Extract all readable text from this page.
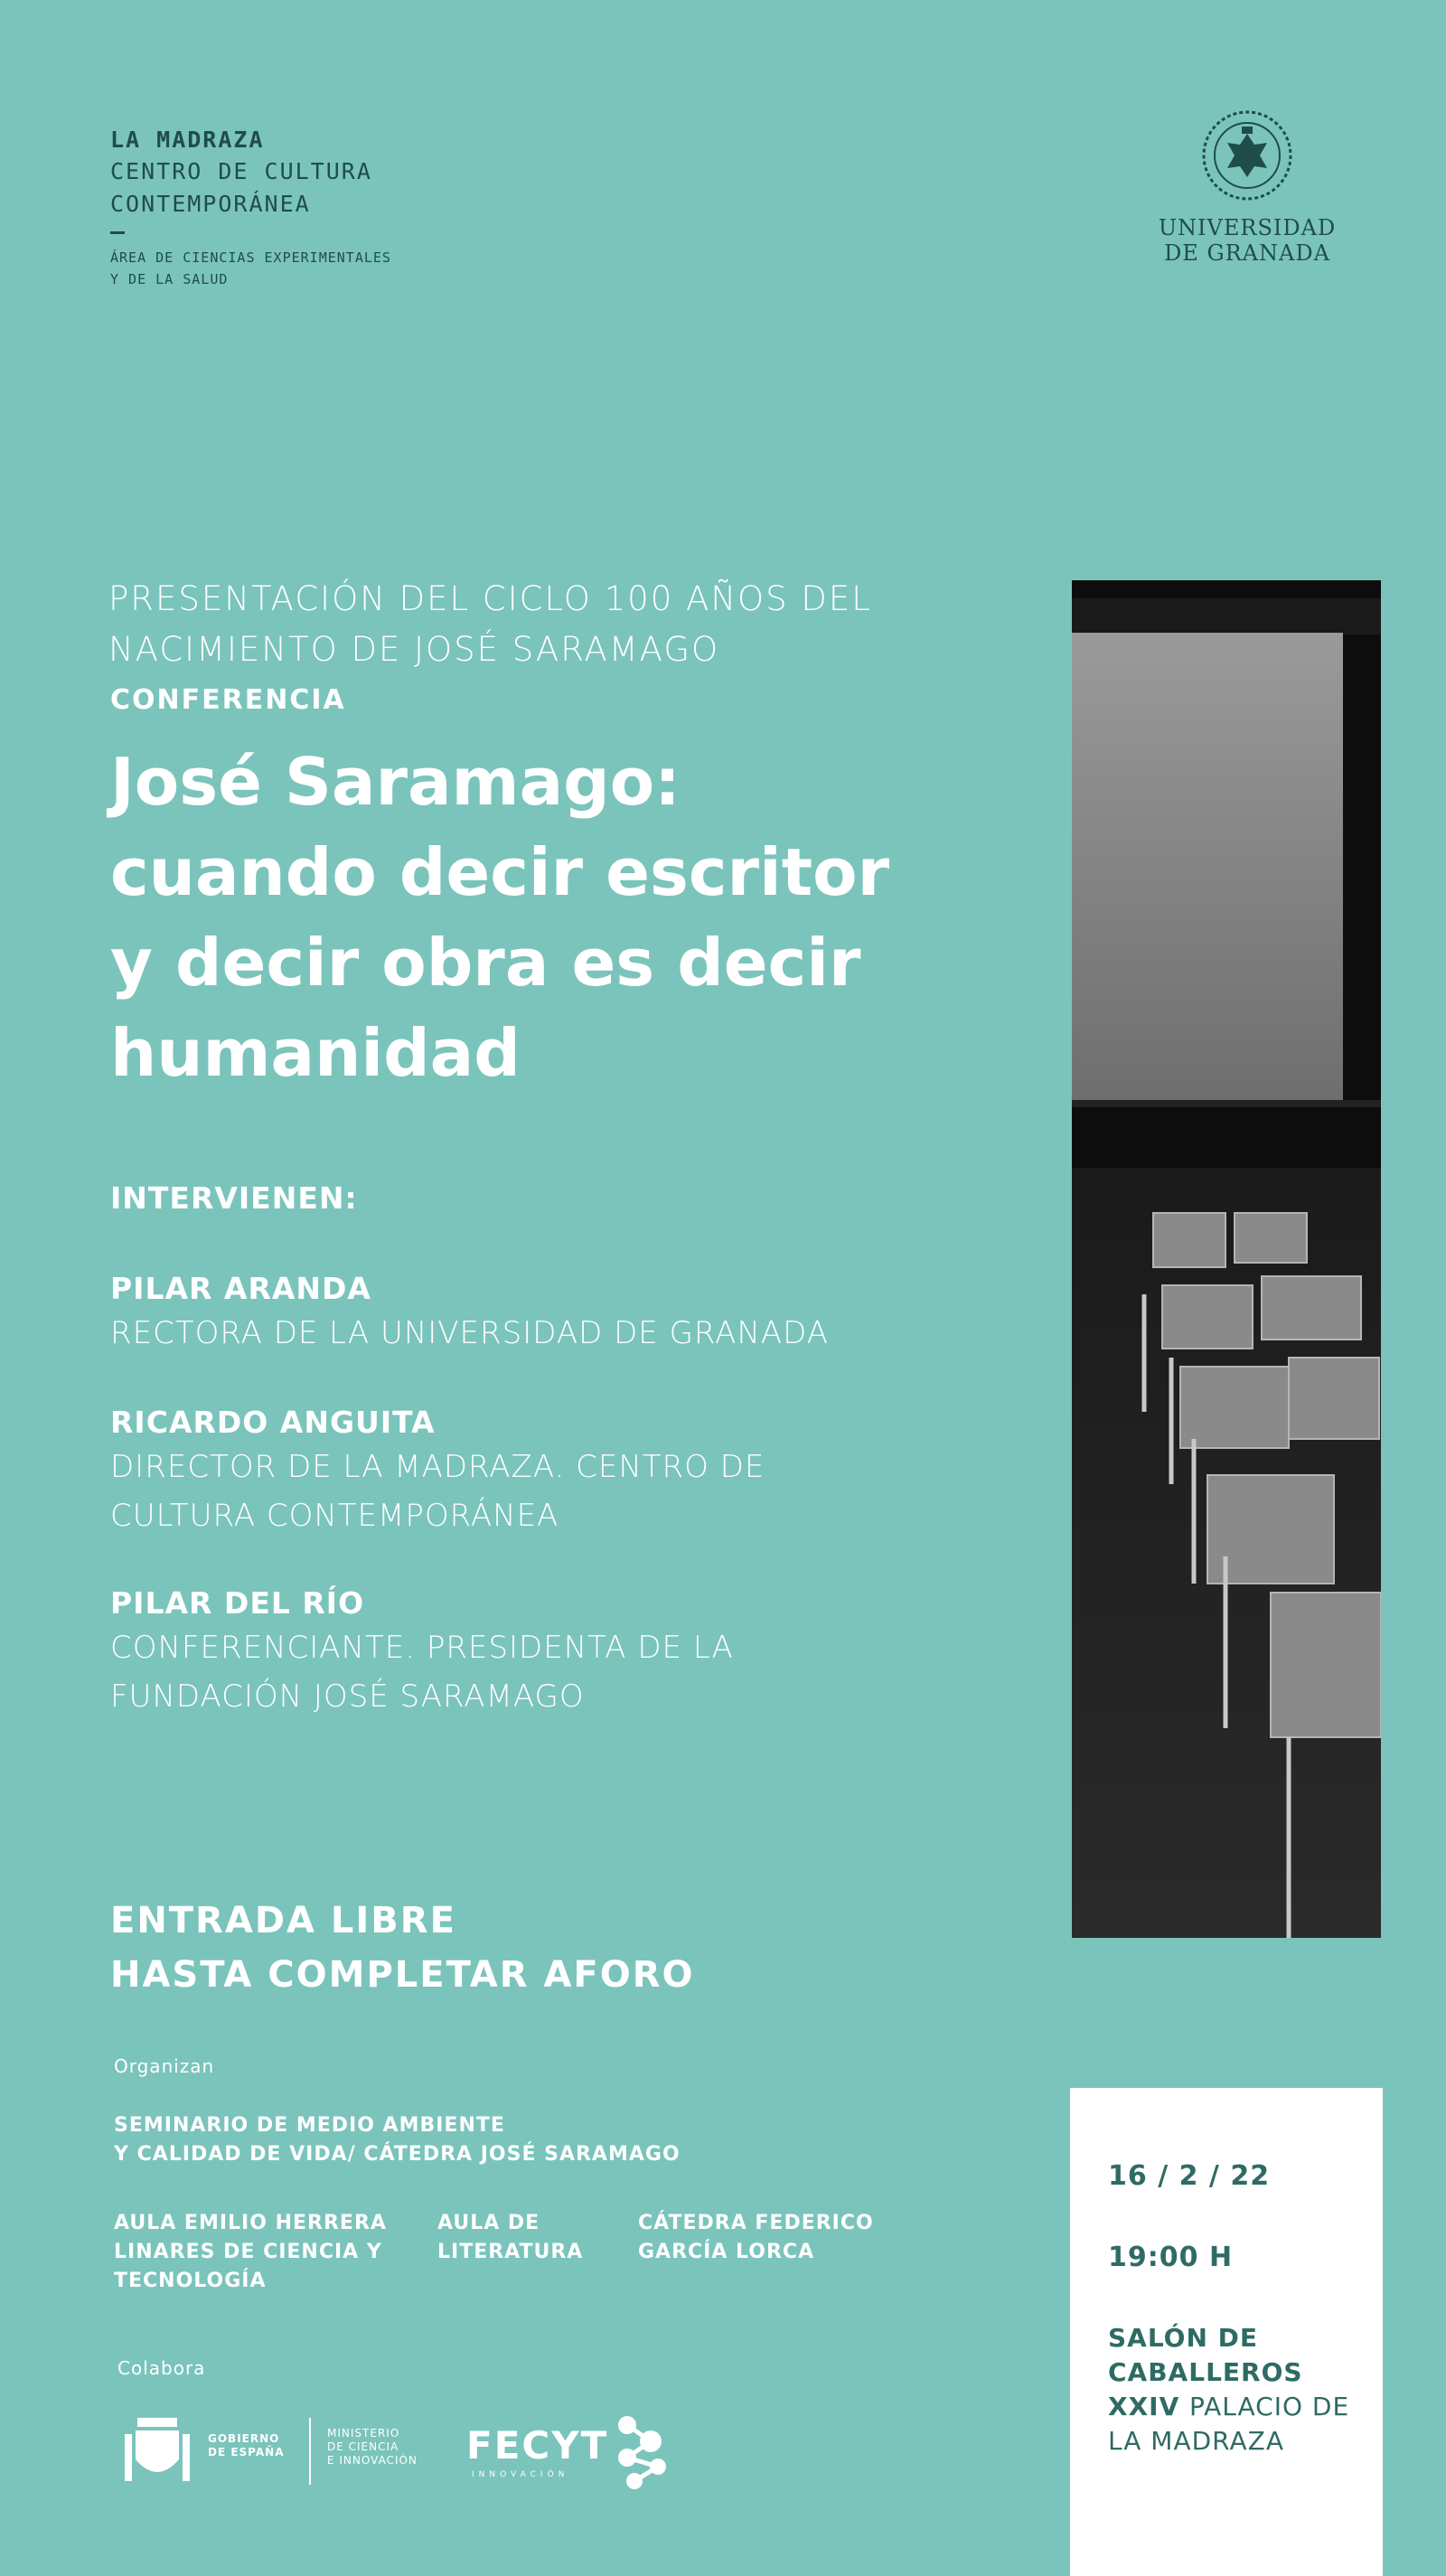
LA MADRAZA
CENTRO DE CULTURA
CONTEMPORÁNEA
ÁREA DE CIENCIAS EXPERIMENTALES
Y DE LA SALUD
UNIVERSIDAD
DE GRANADA
PRESENTACIÓN DEL CICLO 100 AÑOS DEL
NACIMIENTO DE JOSÉ SARAMAGO
CONFERENCIA
José Saramago:
cuando decir escritor
y decir obra es decir
humanidad
INTERVIENEN:
PILAR ARANDA
RECTORA DE LA UNIVERSIDAD DE GRANADA
RICARDO ANGUITA
DIRECTOR DE LA MADRAZA. CENTRO DE
CULTURA CONTEMPORÁNEA
PILAR DEL RÍO
CONFERENCIANTE. PRESIDENTA DE LA
FUNDACIÓN JOSÉ SARAMAGO
ENTRADA LIBRE
HASTA COMPLETAR AFORO
Organizan
SEMINARIO DE MEDIO AMBIENTE
Y CALIDAD DE VIDA/ CÁTEDRA JOSÉ SARAMAGO
AULA EMILIO HERRERA
LINARES DE CIENCIA Y
TECNOLOGÍA
AULA DE
LITERATURA
CÁTEDRA FEDERICO
GARCÍA LORCA
Colabora
GOBIERNO
DE ESPAÑA
MINISTERIO
DE CIENCIA
E INNOVACIÓN FECYT
INNOVACIÓN
16 / 2 / 22
19:00 H
SALÓN DE
CABALLEROS
XXIV PALACIO DE
LA MADRAZA
